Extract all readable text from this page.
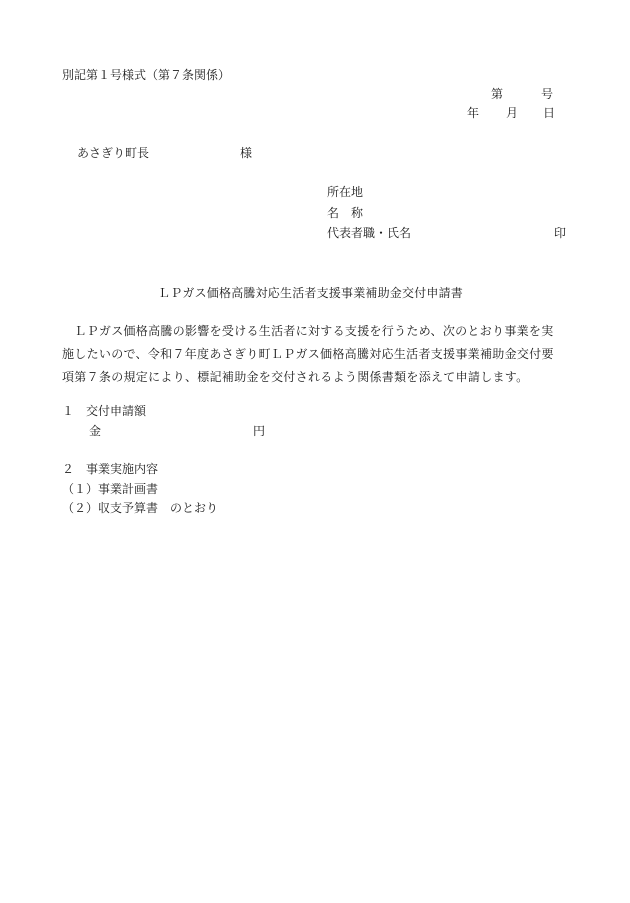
別記第１号様式（第７条関係）
第	号
年 月 日
あさぎり町長	様
所在地
名　称
代表者職・氏名	印
ＬＰガス価格高騰対応生活者支援事業補助金交付申請書
　ＬＰガス価格高騰の影響を受ける生活者に対する支援を行うため、次のとおり事業を実
施したいので、令和７年度あさぎり町ＬＰガス価格高騰対応生活者支援事業補助金交付要
項第７条の規定により、標記補助金を交付されるよう関係書類を添えて申請します。
１　交付申請額
金	円
２　事業実施内容
（１）事業計画書
（２）収支予算書　のとおり
